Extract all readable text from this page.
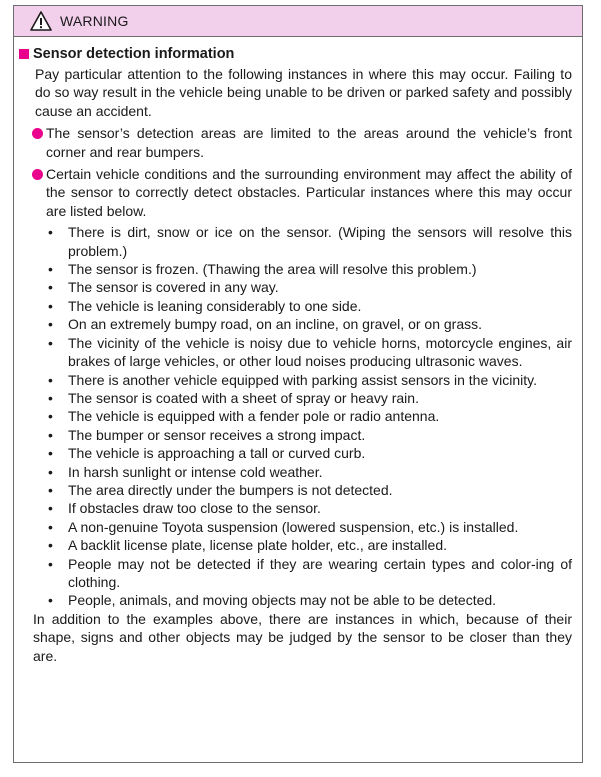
WARNING
Sensor detection information

Pay particular attention to the following instances in where this may occur. Failing to do so way result in the vehicle being unable to be driven or parked safety and possibly cause an accident.

The sensor’s detection areas are limited to the areas around the vehicle’s front corner and rear bumpers.
Certain vehicle conditions and the surrounding environment may affect the ability of the sensor to correctly detect obstacles. Particular instances where this may occur are listed below.
•	There is dirt, snow or ice on the sensor. (Wiping the sensors will resolve this problem.)
•	The sensor is frozen. (Thawing the area will resolve this problem.)
•	The sensor is covered in any way.
•	The vehicle is leaning considerably to one side.
•	On an extremely bumpy road, on an incline, on gravel, or on grass.
•	The vicinity of the vehicle is noisy due to vehicle horns, motorcycle engines, air brakes of large vehicles, or other loud noises producing ultrasonic waves.
•	There is another vehicle equipped with parking assist sensors in the vicinity.
•	The sensor is coated with a sheet of spray or heavy rain.
•	The vehicle is equipped with a fender pole or radio antenna.
•	The bumper or sensor receives a strong impact.
•	The vehicle is approaching a tall or curved curb.
•	In harsh sunlight or intense cold weather.
•	The area directly under the bumpers is not detected.
•	If obstacles draw too close to the sensor.
•	A non-genuine Toyota suspension (lowered suspension, etc.) is installed.
•	A backlit license plate, license plate holder, etc., are installed.
•	People may not be detected if they are wearing certain types and color-ing of clothing.
•	People, animals, and moving objects may not be able to be detected.

In addition to the examples above, there are instances in which, because of their shape, signs and other objects may be judged by the sensor to be closer than they are.
